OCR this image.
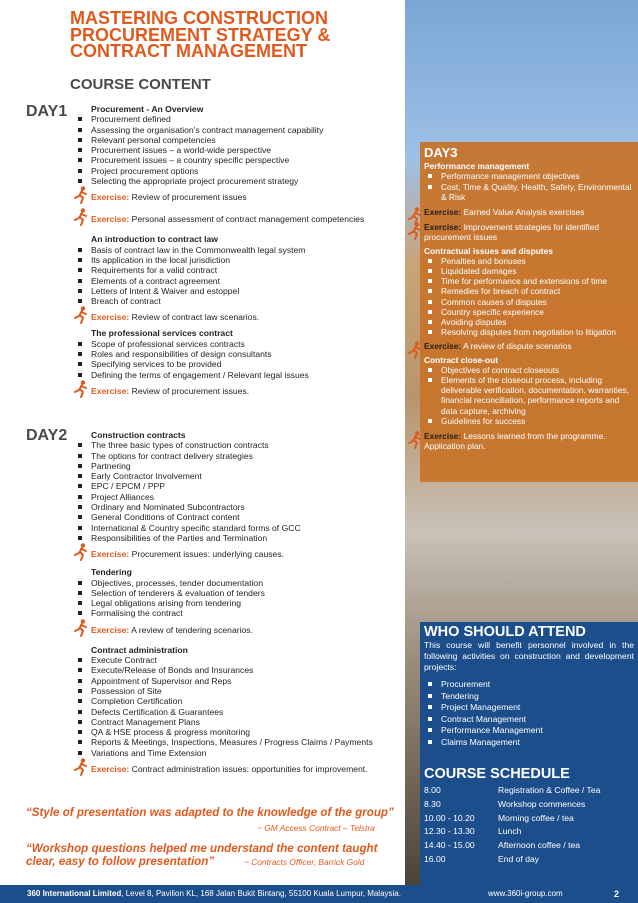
MASTERING CONSTRUCTION
PROCUREMENT STRATEGY &
CONTRACT MANAGEMENT
COURSE CONTENT
DAY1
DAY2
Procurement - An Overview
Procurement defined
Assessing the organisation's contract management capability
Relevant personal competencies
Procurement issues – a world-wide perspective
Procurement issues – a country specific perspective
Project procurement options
Selecting the appropriate project procurement strategy
Exercise: Review of procurement issues
Exercise: Personal assessment of contract management competencies
An introduction to contract law
Basis of contract law in the Commonwealth legal system
Its application in the local jurisdiction
Requirements for a valid contract
Elements of a contract agreement
Letters of Intent & Waiver and estoppel
Breach of contract
Exercise: Review of contract law scenarios.
The professional services contract
Scope of professional services contracts
Roles and responsibilities of design consultants
Specifying services to be provided
Defining the terms of engagement / Relevant legal issues
Exercise: Review of procurement issues.
Construction contracts
The three basic types of construction contracts
The options for contract delivery strategies
Partnering
Early Contractor Involvement
EPC / EPCM / PPP
Project Alliances
Ordinary and Nominated Subcontractors
General Conditions of Contract content
International & Country specific standard forms of GCC
Responsibilities of the Parties and Termination
Exercise: Procurement issues: underlying causes.
Tendering
Objectives, processes, tender documentation
Selection of tenderers & evaluation of tenders
Legal obligations arising from tendering
Formalising the contract
Exercise: A review of tendering scenarios.
Contract administration
Execute Contract
Execute/Release of Bonds and Insurances
Appointment of Supervisor and Reps
Possession of Site
Completion Certification
Defects Certification & Guarantees
Contract Management Plans
QA & HSE process & progress monitoring
Reports & Meetings, Inspections, Measures / Progress Claims / Payments
Variations and Time Extension
Exercise: Contract administration issues: opportunities for improvement.
“Style of presentation was adapted to the knowledge of the group”
~ GM Access Contract – Telstra
“Workshop questions helped me understand the content taught
clear, easy to follow presentation”	~ Contracts Officer, Barrick Gold
DAY3
Performance management
Performance management objectives
Cost, Time & Quality, Health, Safety, Environmental & Risk
Exercise: Earned Value Analysis exercises
Exercise: Improvement strategies for identified procurement issues
Contractual issues and disputes
Penalties and bonuses
Liquidated damages
Time for performance and extensions of time
Remedies for breach of contract
Common causes of disputes
Country specific experience
Avoiding disputes
Resolving disputes from negotiation to litigation
Exercise: A review of dispute scenarios
Contract close-out
Objectives of contract closeouts
Elements of the closeout process, including deliverable verification, documentation, warranties, financial reconciliation, performance reports and data capture, archiving
Guidelines for success
Exercise: Lessons learned from the programme. Application plan.
WHO SHOULD ATTEND
This course will benefit personnel involved in the following activities on construction and development projects:
Procurement
Tendering
Project Management
Contract Management
Performance Management
Claims Management
COURSE SCHEDULE
8.00	Registration & Coffee / Tea
8.30	Workshop commences
10.00 - 10.20	Morning coffee / tea
12.30 - 13.30	Lunch
14.40 - 15.00	Afternoon coffee / tea
16.00	End of day
360 International Limited, Level 8, Pavilion KL, 168 Jalan Bukit Bintang, 55100 Kuala Lumpur, Malaysia.	www.360i-group.com	2
